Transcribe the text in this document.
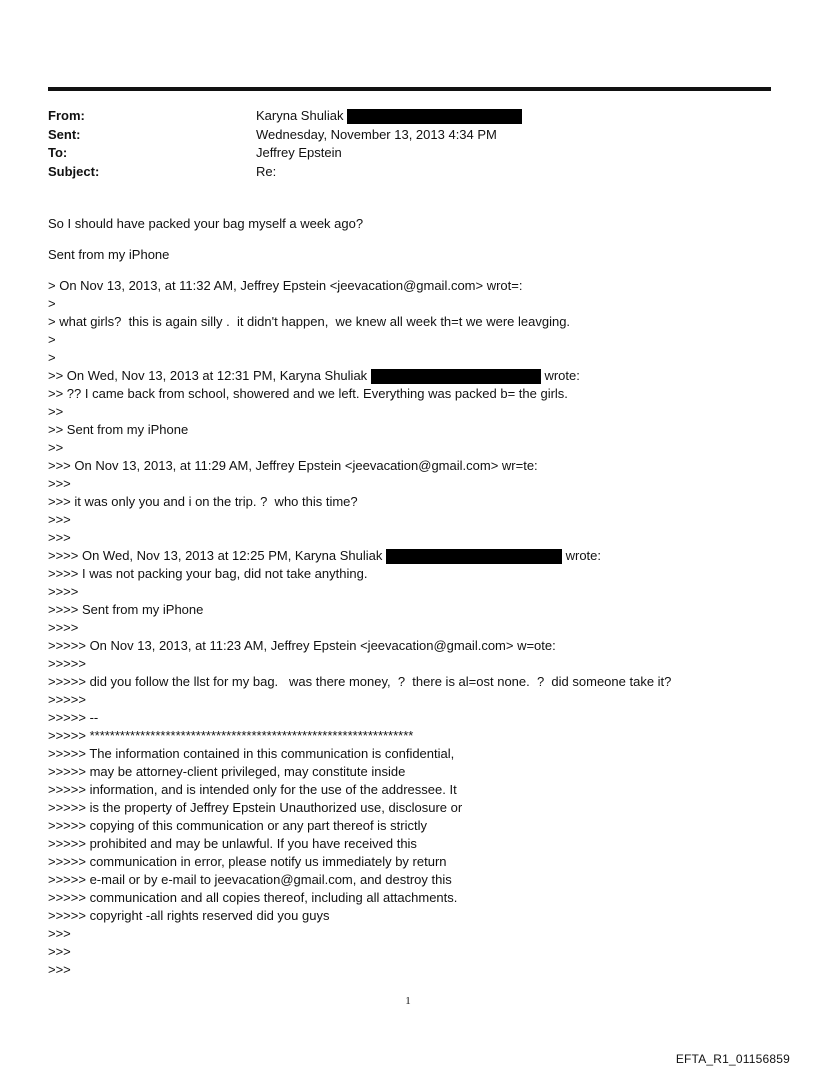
From:	Karyna Shuliak
Sent:	Wednesday, November 13, 2013 4:34 PM
To:	Jeffrey Epstein
Subject:	Re:
So I should have packed your bag myself a week ago?
Sent from my iPhone
> On Nov 13, 2013, at 11:32 AM, Jeffrey Epstein <jeevacation@gmail.com> wrot=:
>
> what girls?  this is again silly .  it didn't happen,  we knew all week th=t we were leavging.
>
>
>> On Wed, Nov 13, 2013 at 12:31 PM, Karyna Shuliak	wrote:
>> ?? I came back from school, showered and we left. Everything was packed b= the girls.
>>
>> Sent from my iPhone
>>
>>> On Nov 13, 2013, at 11:29 AM, Jeffrey Epstein <jeevacation@gmail.com> wr=te:
>>>
>>> it was only you and i on the trip. ?  who this time?
>>>
>>>
>>>> On Wed, Nov 13, 2013 at 12:25 PM, Karyna Shuliak	wrote:
>>>> I was not packing your bag, did not take anything.
>>>>
>>>> Sent from my iPhone
>>>>
>>>>> On Nov 13, 2013, at 11:23 AM, Jeffrey Epstein <jeevacation@gmail.com> w=ote:
>>>>>
>>>>> did you follow the llst for my bag.   was there money,  ?  there is al=ost none.  ?  did someone take it?
>>>>>
>>>>> --
>>>>> ****************************************************************
>>>>> The information contained in this communication is confidential,
>>>>> may be attorney-client privileged, may constitute inside
>>>>> information, and is intended only for the use of the addressee. It
>>>>> is the property of Jeffrey Epstein Unauthorized use, disclosure or
>>>>> copying of this communication or any part thereof is strictly
>>>>> prohibited and may be unlawful. If you have received this
>>>>> communication in error, please notify us immediately by return
>>>>> e-mail or by e-mail to jeevacation@gmail.com, and destroy this
>>>>> communication and all copies thereof, including all attachments.
>>>>> copyright -all rights reserved did you guys
>>>
>>>
>>>
1
EFTA_R1_01156859
